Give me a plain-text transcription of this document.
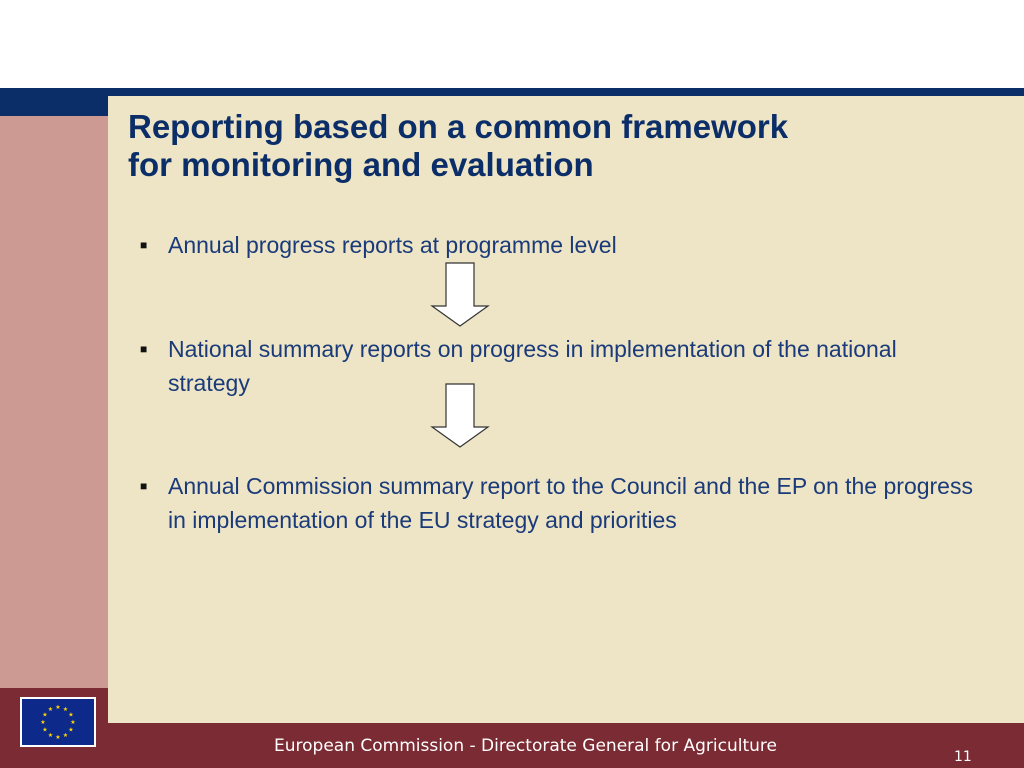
Reporting based on a common framework
for monitoring and evaluation
■ Annual progress reports at programme level
■ National summary reports on progress in implementation of the national strategy
■ Annual Commission summary report to the Council and the EP on the progress in implementation of the EU strategy and priorities
★ ★
★
★
★
★
★
★
★
★
★
★
European Commission - Directorate General for Agriculture
11
